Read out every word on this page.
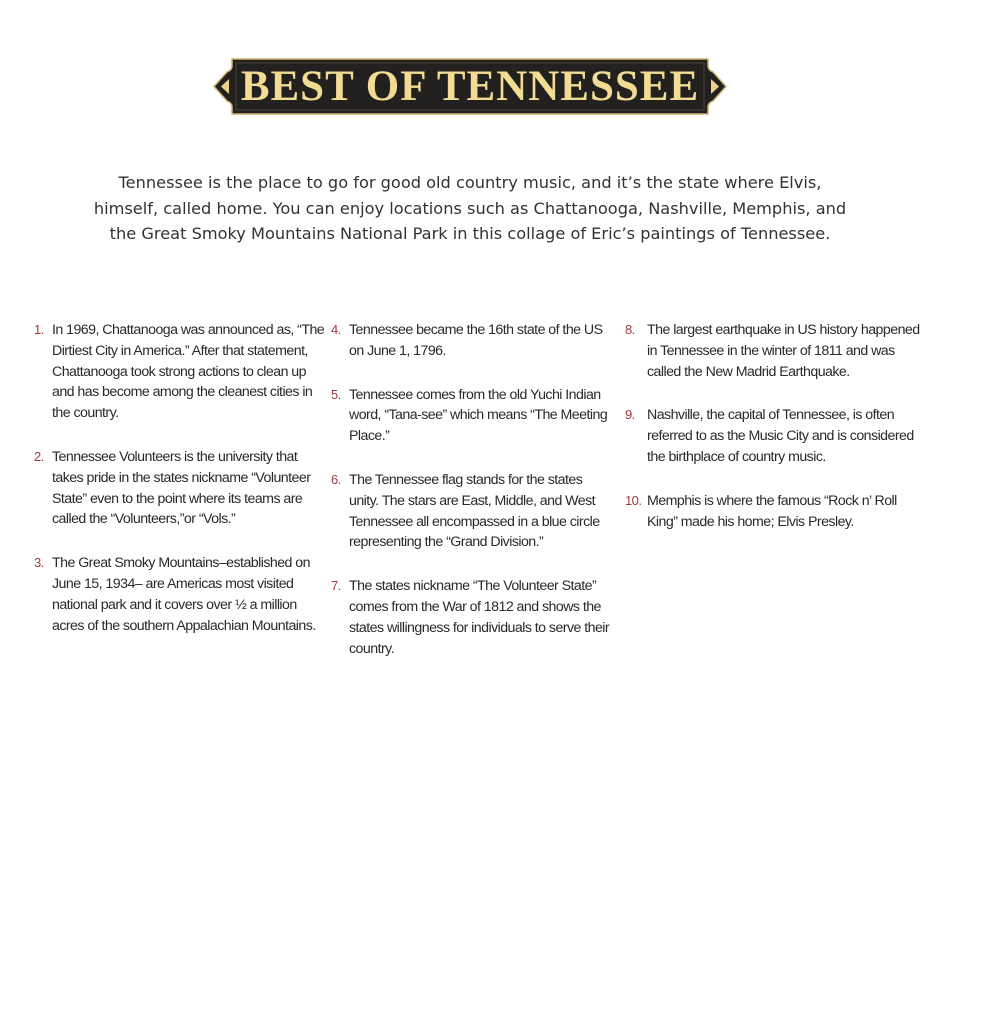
BEST OF TENNESSEE

Tennessee is the place to go for good old country music, and it’s the state where Elvis, himself, called home. You can enjoy locations such as Chattanooga, Nashville, Memphis, and the Great Smoky Mountains National Park in this collage of Eric’s paintings of Tennessee.

1. In 1969, Chattanooga was announced as, “The Dirtiest City in America.” After that statement, Chattanooga took strong actions to clean up and has become among the cleanest cities in the country.

2. Tennessee Volunteers is the university that takes pride in the states nickname “Volunteer State” even to the point where its teams are called the “Volunteers,”or “Vols.”

3. The Great Smoky Mountains–established on June 15, 1934– are Americas most visited national park and it covers over ½ a million acres of the southern Appalachian Mountains.

4. Tennessee became the 16th state of the US on June 1, 1796.

5. Tennessee comes from the old Yuchi Indian word, “Tana-see” which means “The Meeting Place.”

6. The Tennessee flag stands for the states unity. The stars are East, Middle, and West Tennessee all encompassed in a blue circle representing the “Grand Division.”

7. The states nickname “The Volunteer State” comes from the War of 1812 and shows the states willingness for individuals to serve their country.

8. The largest earthquake in US history happened in Tennessee in the winter of 1811 and was called the New Madrid Earthquake.

9. Nashville, the capital of Tennessee, is often referred to as the Music City and is considered the birthplace of country music.

10. Memphis is where the famous “Rock n’ Roll King” made his home; Elvis Presley.
